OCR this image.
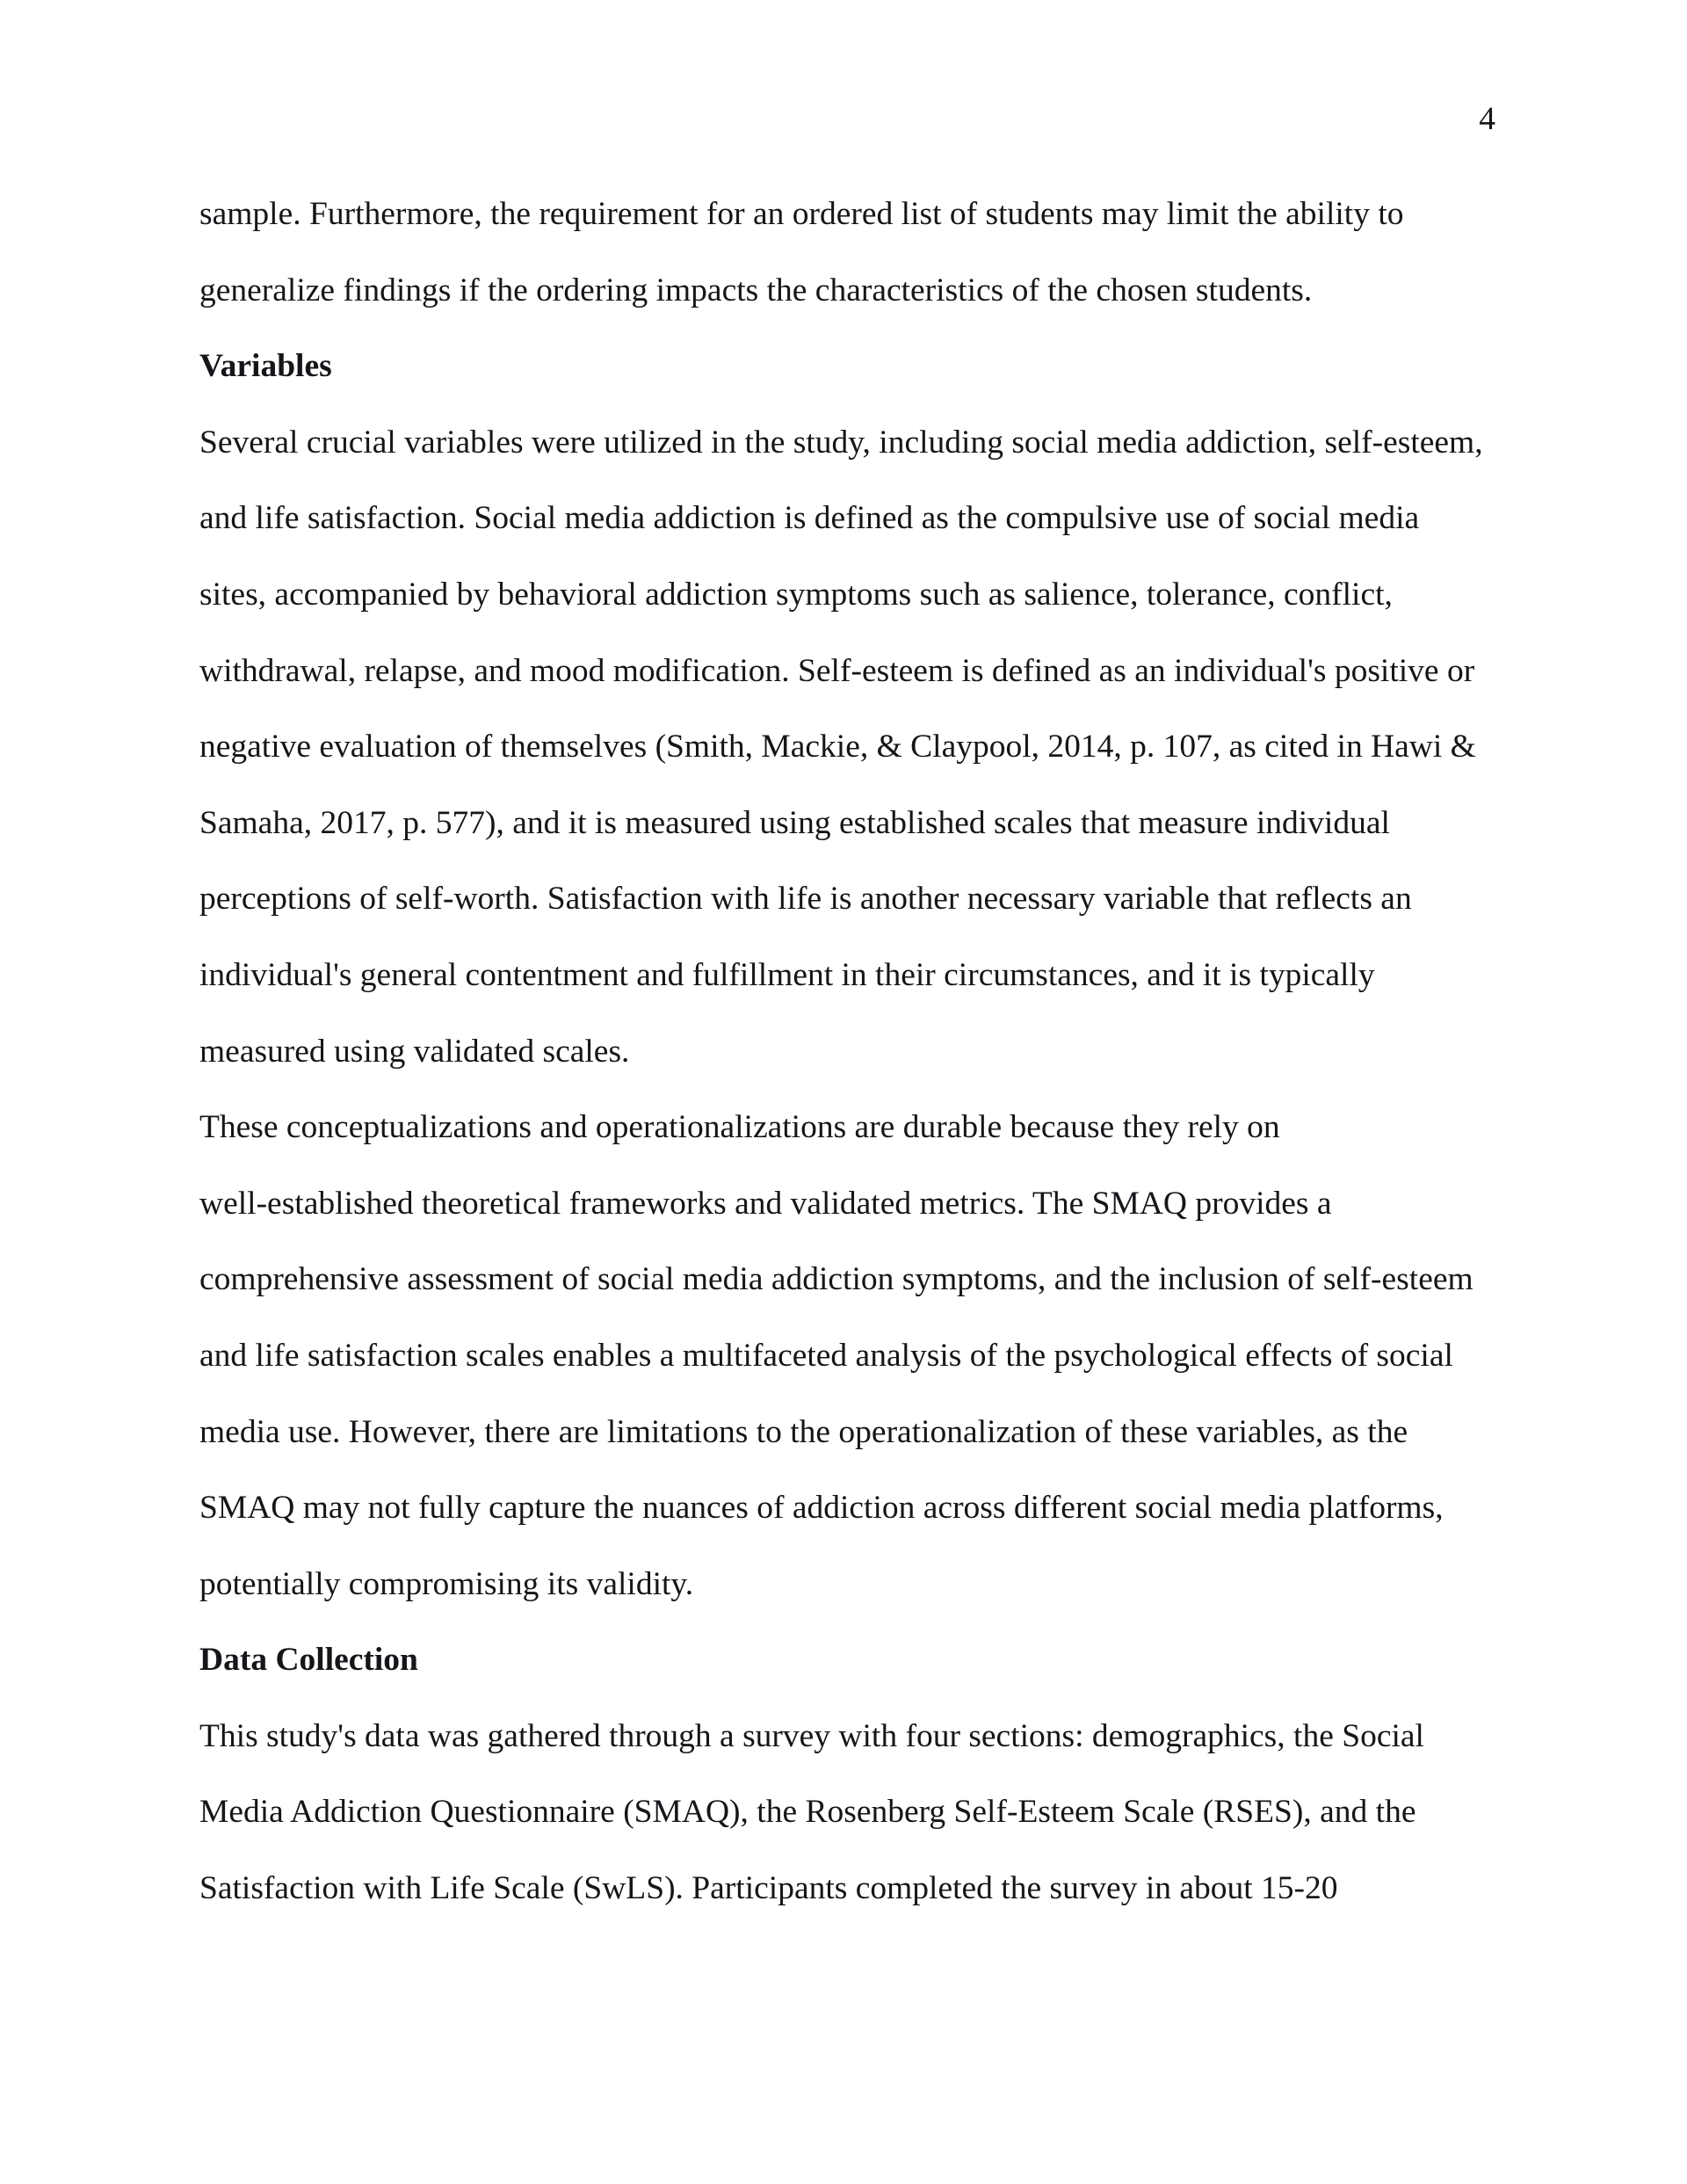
4
sample. Furthermore, the requirement for an ordered list of students may limit the ability to
generalize findings if the ordering impacts the characteristics of the chosen students.
Variables
Several crucial variables were utilized in the study, including social media addiction, self-esteem,
and life satisfaction. Social media addiction is defined as the compulsive use of social media
sites, accompanied by behavioral addiction symptoms such as salience, tolerance, conflict,
withdrawal, relapse, and mood modification. Self-esteem is defined as an individual's positive or
negative evaluation of themselves (Smith, Mackie, & Claypool, 2014, p. 107, as cited in Hawi &
Samaha, 2017, p. 577), and it is measured using established scales that measure individual
perceptions of self-worth. Satisfaction with life is another necessary variable that reflects an
individual's general contentment and fulfillment in their circumstances, and it is typically
measured using validated scales.
These conceptualizations and operationalizations are durable because they rely on
well-established theoretical frameworks and validated metrics. The SMAQ provides a
comprehensive assessment of social media addiction symptoms, and the inclusion of self-esteem
and life satisfaction scales enables a multifaceted analysis of the psychological effects of social
media use. However, there are limitations to the operationalization of these variables, as the
SMAQ may not fully capture the nuances of addiction across different social media platforms,
potentially compromising its validity.
Data Collection
This study's data was gathered through a survey with four sections: demographics, the Social
Media Addiction Questionnaire (SMAQ), the Rosenberg Self-Esteem Scale (RSES), and the
Satisfaction with Life Scale (SwLS). Participants completed the survey in about 15-20
